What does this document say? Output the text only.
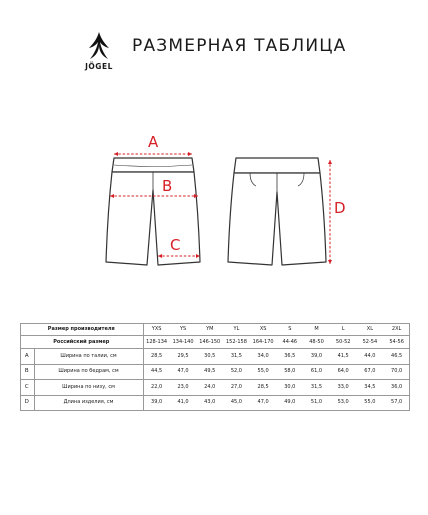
JÖGEL
РАЗМЕРНАЯ ТАБЛИЦА
A
B
C
D
Размер производителя		YXS	YS	YM	YL	XS	S	M	L	XL	2XL
Российский размер		128-134	134-140	146-150	152-158	164-170	44-46	48-50	50-52	52-54	54-56
A	Ширина по талии, см	28,5	29,5	30,5	31,5	34,0	36,5	39,0	41,5	44,0	46,5
B	Ширина по бедрам, см	44,5	47,0	49,5	52,0	55,0	58,0	61,0	64,0	67,0	70,0
C	Ширина по низу, см	22,0	23,0	24,0	27,0	28,5	30,0	31,5	33,0	34,5	36,0
D	Длина изделия, см	39,0	41,0	43,0	45,0	47,0	49,0	51,0	53,0	55,0	57,0
